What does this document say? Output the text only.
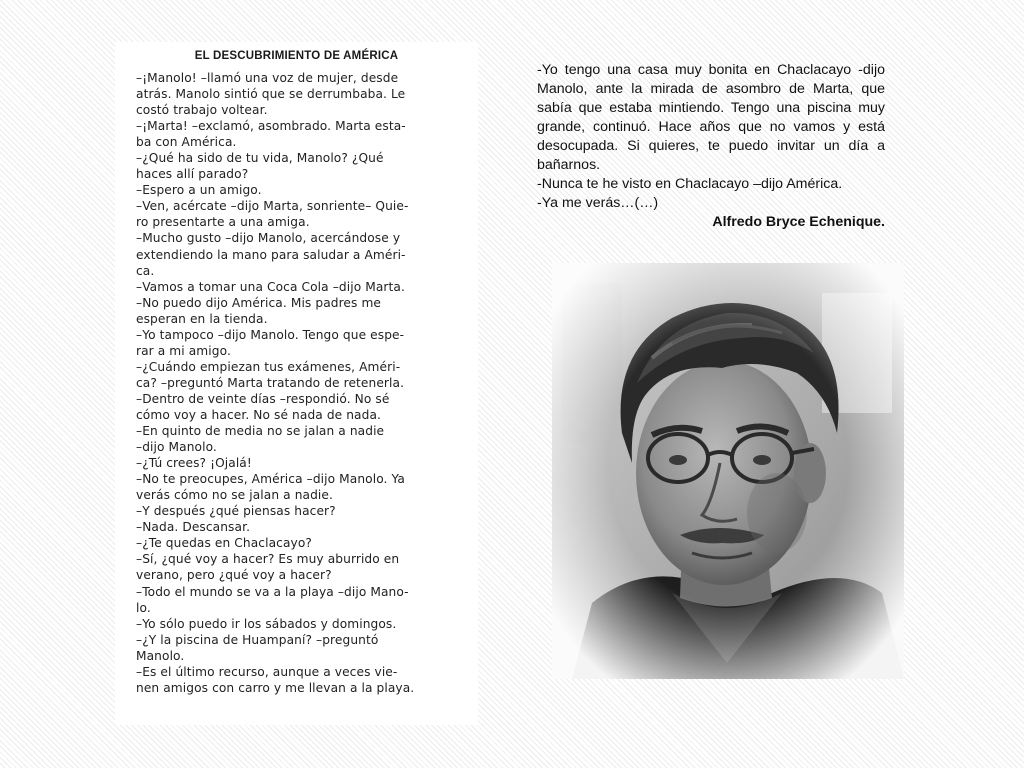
EL DESCUBRIMIENTO DE AMÉRICA
–¡Manolo! –llamó una voz de mujer, desde
atrás. Manolo sintió que se derrumbaba. Le
costó trabajo voltear.
–¡Marta! –exclamó, asombrado. Marta esta-
ba con América.
–¿Qué ha sido de tu vida, Manolo? ¿Qué
haces allí parado?
–Espero a un amigo.
–Ven, acércate –dijo Marta, sonriente– Quie-
ro presentarte a una amiga.
–Mucho gusto –dijo Manolo, acercándose y
extendiendo la mano para saludar a Améri-
ca.
–Vamos a tomar una Coca Cola –dijo Marta.
–No puedo dijo América. Mis padres me
esperan en la tienda.
–Yo tampoco –dijo Manolo. Tengo que espe-
rar a mi amigo.
–¿Cuándo empiezan tus exámenes, Améri-
ca? –preguntó Marta tratando de retenerla.
–Dentro de veinte días –respondió. No sé
cómo voy a hacer. No sé nada de nada.
–En quinto de media no se jalan a nadie
–dijo Manolo.
–¿Tú crees? ¡Ojalá!
–No te preocupes, América –dijo Manolo. Ya
verás cómo no se jalan a nadie.
–Y después ¿qué piensas hacer?
–Nada. Descansar.
–¿Te quedas en Chaclacayo?
–Sí, ¿qué voy a hacer? Es muy aburrido en
verano, pero ¿qué voy a hacer?
–Todo el mundo se va a la playa –dijo Mano-
lo.
–Yo sólo puedo ir los sábados y domingos.
–¿Y la piscina de Huampaní? –preguntó
Manolo.
–Es el último recurso, aunque a veces vie-
nen amigos con carro y me llevan a la playa.
-Yo tengo una casa muy bonita en Chaclacayo -dijo Manolo, ante la mirada de asombro de Marta, que sabía que estaba mintiendo. Tengo una piscina muy grande, continuó. Hace años que no vamos y está desocupada. Si quieres, te puedo invitar un día a bañarnos.
-Nunca te he visto en Chaclacayo –dijo América.
-Ya me verás…(…)
Alfredo Bryce Echenique.
